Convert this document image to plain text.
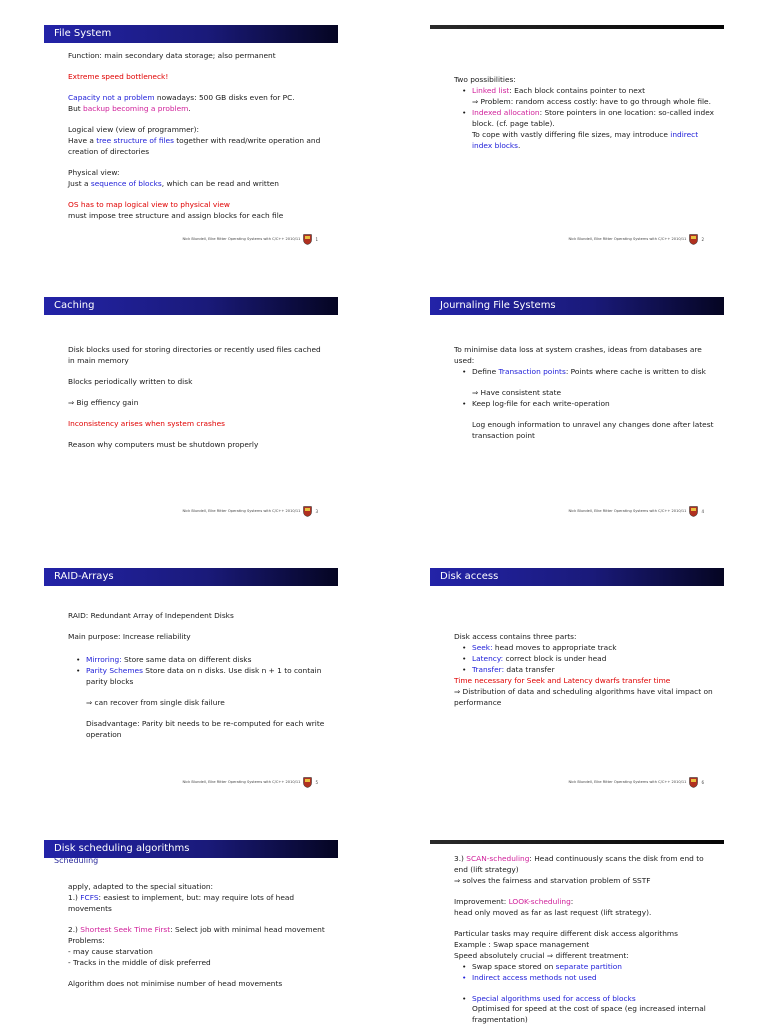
File System

Function: main secondary data storage; also permanent

Extreme speed bottleneck!

Capacity not a problem nowadays: 500 GB disks even for PC.
But backup becoming a problem.

Logical view (view of programmer):
Have a tree structure of files together with read/write operation and creation of directories

Physical view:
Just a sequence of blocks, which can be read and written

OS has to map logical view to physical view
must impose tree structure and assign blocks for each file

Nick Blundell, Eike Ritter Operating Systems with C/C++ 2010/11	1

Two possibilities:

• Linked list: Each block contains pointer to next
⇒ Problem: random access costly: have to go through whole file.
• Indexed allocation: Store pointers in one location: so-called index block. (cf. page table).
To cope with vastly differing file sizes, may introduce indirect index blocks.
Nick Blundell, Eike Ritter Operating Systems with C/C++ 2010/11	2
Caching

Disk blocks used for storing directories or recently used files cached in main memory

Blocks periodically written to disk

⇒ Big effiency gain

Inconsistency arises when system crashes

Reason why computers must be shutdown properly

Nick Blundell, Eike Ritter Operating Systems with C/C++ 2010/11	3
Journaling File Systems

To minimise data loss at system crashes, ideas from databases are used:

• Define Transaction points: Points where cache is written to disk
⇒ Have consistent state
• Keep log-file for each write-operation
Log enough information to unravel any changes done after latest transaction point
Nick Blundell, Eike Ritter Operating Systems with C/C++ 2010/11	4
RAID-Arrays

RAID: Redundant Array of Independent Disks

Main purpose: Increase reliability

• Mirroring: Store same data on different disks
• Parity Schemes Store data on n disks. Use disk n + 1 to contain parity blocks

⇒ can recover from single disk failure

Disadvantage: Parity bit needs to be re-computed for each write operation

Nick Blundell, Eike Ritter Operating Systems with C/C++ 2010/11	5
Disk access

Disk access contains three parts:

• Seek: head moves to appropriate track
• Latency: correct block is under head
• Transfer: data transfer

Time necessary for Seek and Latency dwarfs transfer time

⇒ Distribution of data and scheduling algorithms have vital impact on performance

Nick Blundell, Eike Ritter Operating Systems with C/C++ 2010/11	6
Disk scheduling algorithms
Scheduling

apply, adapted to the special situation:
1.) FCFS: easiest to implement, but: may require lots of head movements

2.) Shortest Seek Time First: Select job with minimal head movement
Problems:
- may cause starvation
- Tracks in the middle of disk preferred

Algorithm does not minimise number of head movements

3.) SCAN-scheduling: Head continuously scans the disk from end to end (lift strategy)
⇒ solves the fairness and starvation problem of SSTF

Improvement: LOOK-scheduling:
head only moved as far as last request (lift strategy).

Particular tasks may require different disk access algorithms
Example : Swap space management
Speed absolutely crucial ⇒ different treatment:

• Swap space stored on separate partition
• Indirect access methods not used
• Special algorithms used for access of blocks
Optimised for speed at the cost of space (eg increased internal fragmentation)
